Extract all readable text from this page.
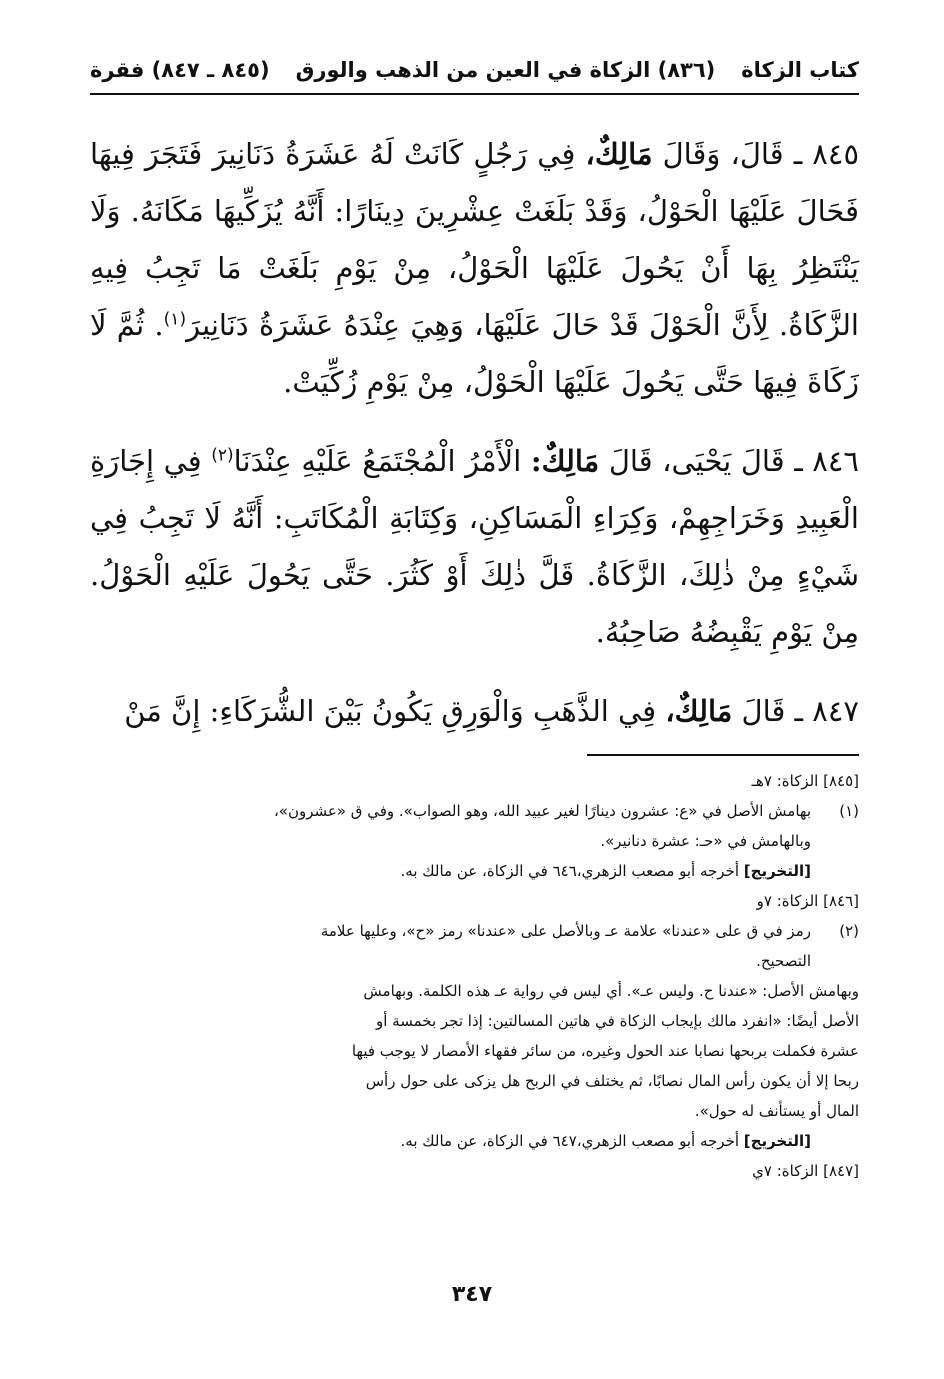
كتاب الزكاة
(٨٣٦) الزكاة في العين من الذهب والورق
(٨٤٥ ـ ٨٤٧) فقرة

٨٤٥ ـ قَالَ، وَقَالَ مَالِكٌ، فِي رَجُلٍ كَانَتْ لَهُ عَشَرَةُ دَنَانِيرَ فَتَجَرَ فِيهَا فَحَالَ عَلَيْهَا الْحَوْلُ، وَقَدْ بَلَغَتْ عِشْرِينَ دِينَارًا: أَنَّهُ يُزَكِّيهَا مَكَانَهُ. وَلَا يَنْتَظِرُ بِهَا أَنْ يَحُولَ عَلَيْهَا الْحَوْلُ، مِنْ يَوْمِ بَلَغَتْ مَا تَجِبُ فِيهِ الزَّكَاةُ. لِأَنَّ الْحَوْلَ قَدْ حَالَ عَلَيْهَا، وَهِيَ عِنْدَهُ عَشَرَةُ دَنَانِيرَ$^{(١)}$. ثُمَّ لَا زَكَاةَ فِيهَا حَتَّى يَحُولَ عَلَيْهَا الْحَوْلُ، مِنْ يَوْمِ زُكِّيَتْ.

٨٤٦ ـ قَالَ يَحْيَى، قَالَ مَالِكٌ: الْأَمْرُ الْمُجْتَمَعُ عَلَيْهِ عِنْدَنَا$^{(٢)}$ فِي إِجَارَةِ الْعَبِيدِ وَخَرَاجِهِمْ، وَكِرَاءِ الْمَسَاكِنِ، وَكِتَابَةِ الْمُكَاتَبِ: أَنَّهُ لَا تَجِبُ فِي شَيْءٍ مِنْ ذٰلِكَ، الزَّكَاةُ. قَلَّ ذٰلِكَ أَوْ كَثُرَ. حَتَّى يَحُولَ عَلَيْهِ الْحَوْلُ. مِنْ يَوْمِ يَقْبِضُهُ صَاحِبُهُ.

٨٤٧ ـ قَالَ مَالِكٌ، فِي الذَّهَبِ وَالْوَرِقِ يَكُونُ بَيْنَ الشُّرَكَاءِ: إِنَّ مَنْ

[٨٤٥] الزكاة: ٧هـ

(١)

بهامش الأصل في «ع: عشرون دينارًا لغير عبيد الله، وهو الصواب». وفي ق «عشرون»،

وبالهامش في «حـ: عشرة دنانير».

[التخريج] أخرجه أبو مصعب الزهري،٦٤٦ في الزكاة، عن مالك به.

[٨٤٦] الزكاة: ٧و

(٢)

رمز في ق على «عندنا» علامة عـ وبالأصل على «عندنا» رمز «ح»، وعليها علامة

التصحيح.

وبهامش الأصل: «عندنا ح. وليس عـ». أي ليس في رواية عـ هذه الكلمة. وبهامش

الأصل أيضًا: «انفرد مالك بإيجاب الزكاة في هاتين المسالتين: إذا تجر بخمسة أو

عشرة فكملت بربحها نصابا عند الحول وغيره، من سائر فقهاء الأمصار لا يوجب فيها

ربحا إلا أن يكون رأس المال نصابًا، ثم يختلف في الربح هل يزكى على حول رأس

المال أو يستأنف له حول».

[التخريج] أخرجه أبو مصعب الزهري،٦٤٧ في الزكاة، عن مالك به.

[٨٤٧] الزكاة: ٧ي

٣٤٧
